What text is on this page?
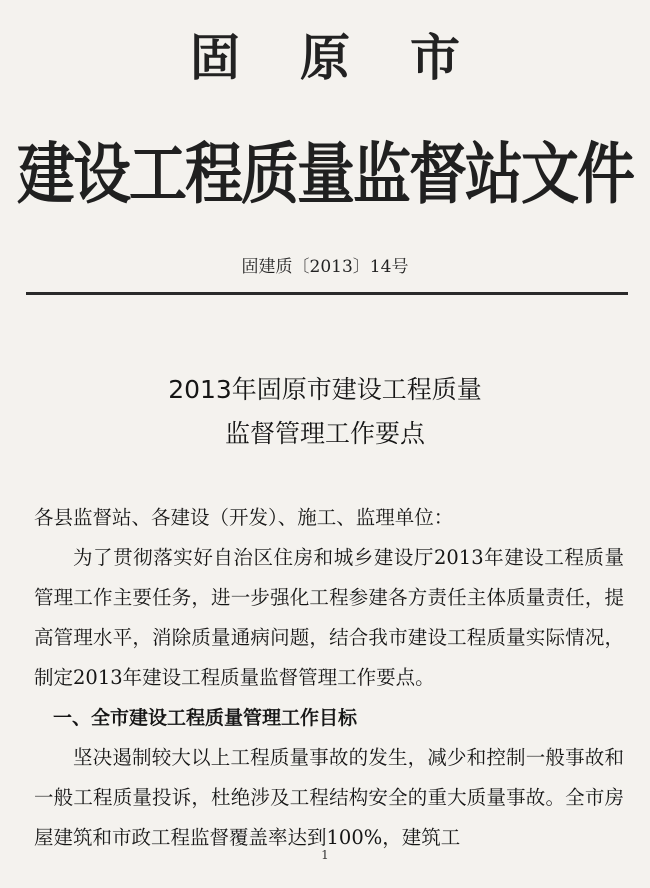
固 原 市
建设工程质量监督站文件
固建质〔2013〕14号
2013年固原市建设工程质量
监督管理工作要点

各县监督站、各建设（开发）、施工、监理单位：

为了贯彻落实好自治区住房和城乡建设厅2013年建设工程质量管理工作主要任务，进一步强化工程参建各方责任主体质量责任，提高管理水平，消除质量通病问题，结合我市建设工程质量实际情况，制定2013年建设工程质量监督管理工作要点。

一、全市建设工程质量管理工作目标

坚决遏制较大以上工程质量事故的发生，减少和控制一般事故和一般工程质量投诉，杜绝涉及工程结构安全的重大质量事故。全市房屋建筑和市政工程监督覆盖率达到100%，建筑工

1
